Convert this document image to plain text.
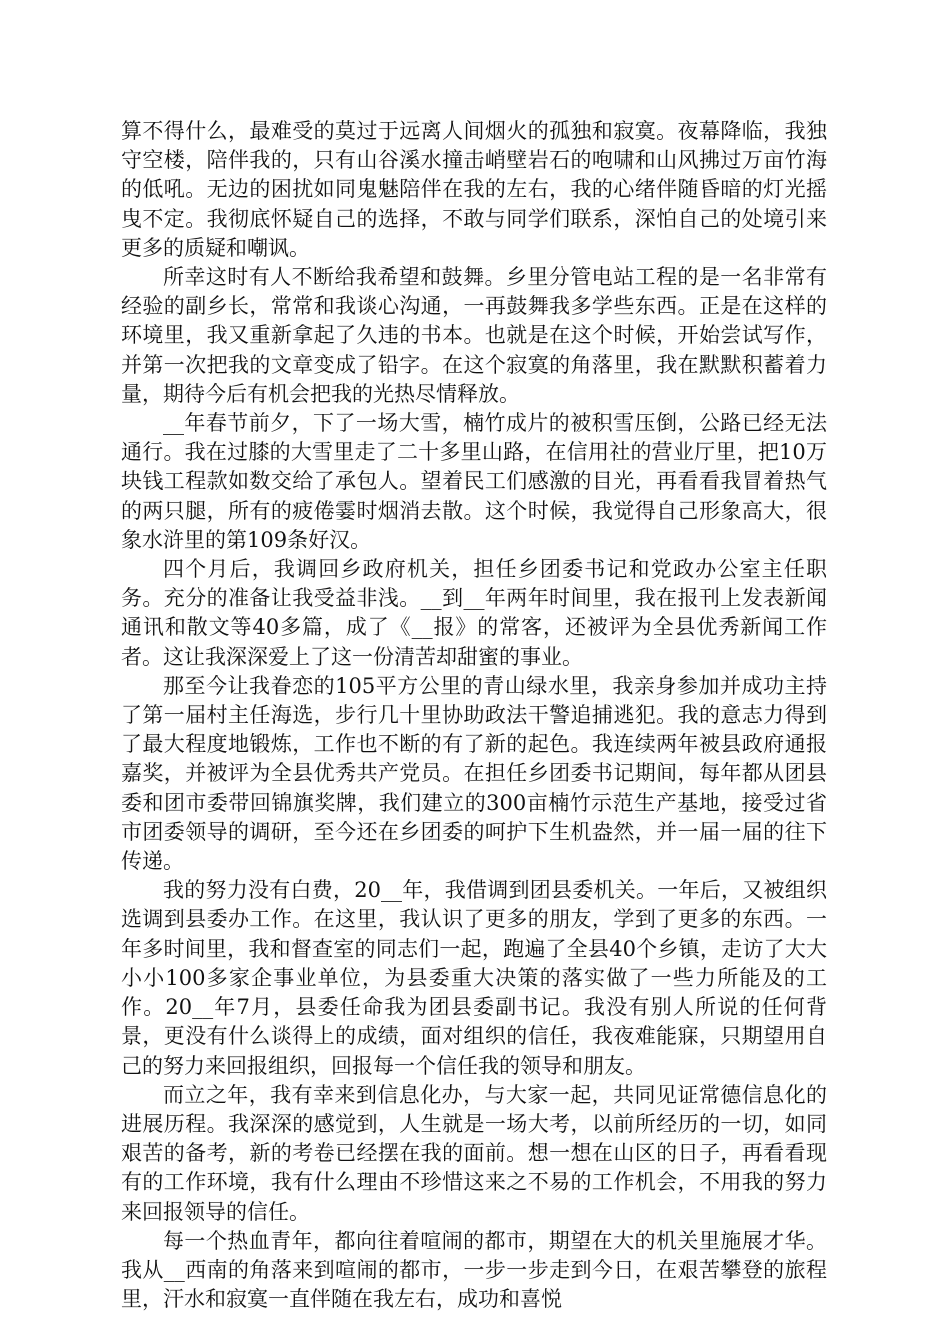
算不得什么，最难受的莫过于远离人间烟火的孤独和寂寞。夜幕降临，我独守空楼，陪伴我的，只有山谷溪水撞击峭壁岩石的咆啸和山风拂过万亩竹海的低吼。无边的困扰如同鬼魅陪伴在我的左右，我的心绪伴随昏暗的灯光摇曳不定。我彻底怀疑自己的选择，不敢与同学们联系，深怕自己的处境引来更多的质疑和嘲讽。

所幸这时有人不断给我希望和鼓舞。乡里分管电站工程的是一名非常有经验的副乡长，常常和我谈心沟通，一再鼓舞我多学些东西。正是在这样的环境里，我又重新拿起了久违的书本。也就是在这个时候，开始尝试写作，并第一次把我的文章变成了铅字。在这个寂寞的角落里，我在默默积蓄着力量，期待今后有机会把我的光热尽情释放。

__年春节前夕，下了一场大雪，楠竹成片的被积雪压倒，公路已经无法通行。我在过膝的大雪里走了二十多里山路，在信用社的营业厅里，把10万块钱工程款如数交给了承包人。望着民工们感激的目光，再看看我冒着热气的两只腿，所有的疲倦霎时烟消去散。这个时候，我觉得自己形象高大，很象水浒里的第109条好汉。

四个月后，我调回乡政府机关，担任乡团委书记和党政办公室主任职务。充分的准备让我受益非浅。__到__年两年时间里，我在报刊上发表新闻通讯和散文等40多篇，成了《__报》的常客，还被评为全县优秀新闻工作者。这让我深深爱上了这一份清苦却甜蜜的事业。

那至今让我眷恋的105平方公里的青山绿水里，我亲身参加并成功主持了第一届村主任海选，步行几十里协助政法干警追捕逃犯。我的意志力得到了最大程度地锻炼，工作也不断的有了新的起色。我连续两年被县政府通报嘉奖，并被评为全县优秀共产党员。在担任乡团委书记期间，每年都从团县委和团市委带回锦旗奖牌，我们建立的300亩楠竹示范生产基地，接受过省市团委领导的调研，至今还在乡团委的呵护下生机盎然，并一届一届的往下传递。

我的努力没有白费，20__年，我借调到团县委机关。一年后，又被组织选调到县委办工作。在这里，我认识了更多的朋友，学到了更多的东西。一年多时间里，我和督查室的同志们一起，跑遍了全县40个乡镇，走访了大大小小100多家企事业单位，为县委重大决策的落实做了一些力所能及的工作。20__年7月，县委任命我为团县委副书记。我没有别人所说的任何背景，更没有什么谈得上的成绩，面对组织的信任，我夜难能寐，只期望用自己的努力来回报组织，回报每一个信任我的领导和朋友。

而立之年，我有幸来到信息化办，与大家一起，共同见证常德信息化的进展历程。我深深的感觉到，人生就是一场大考，以前所经历的一切，如同艰苦的备考，新的考卷已经摆在我的面前。想一想在山区的日子，再看看现有的工作环境，我有什么理由不珍惜这来之不易的工作机会，不用我的努力来回报领导的信任。

每一个热血青年，都向往着喧闹的都市，期望在大的机关里施展才华。我从__西南的角落来到喧闹的都市，一步一步走到今日，在艰苦攀登的旅程里，汗水和寂寞一直伴随在我左右，成功和喜悦
